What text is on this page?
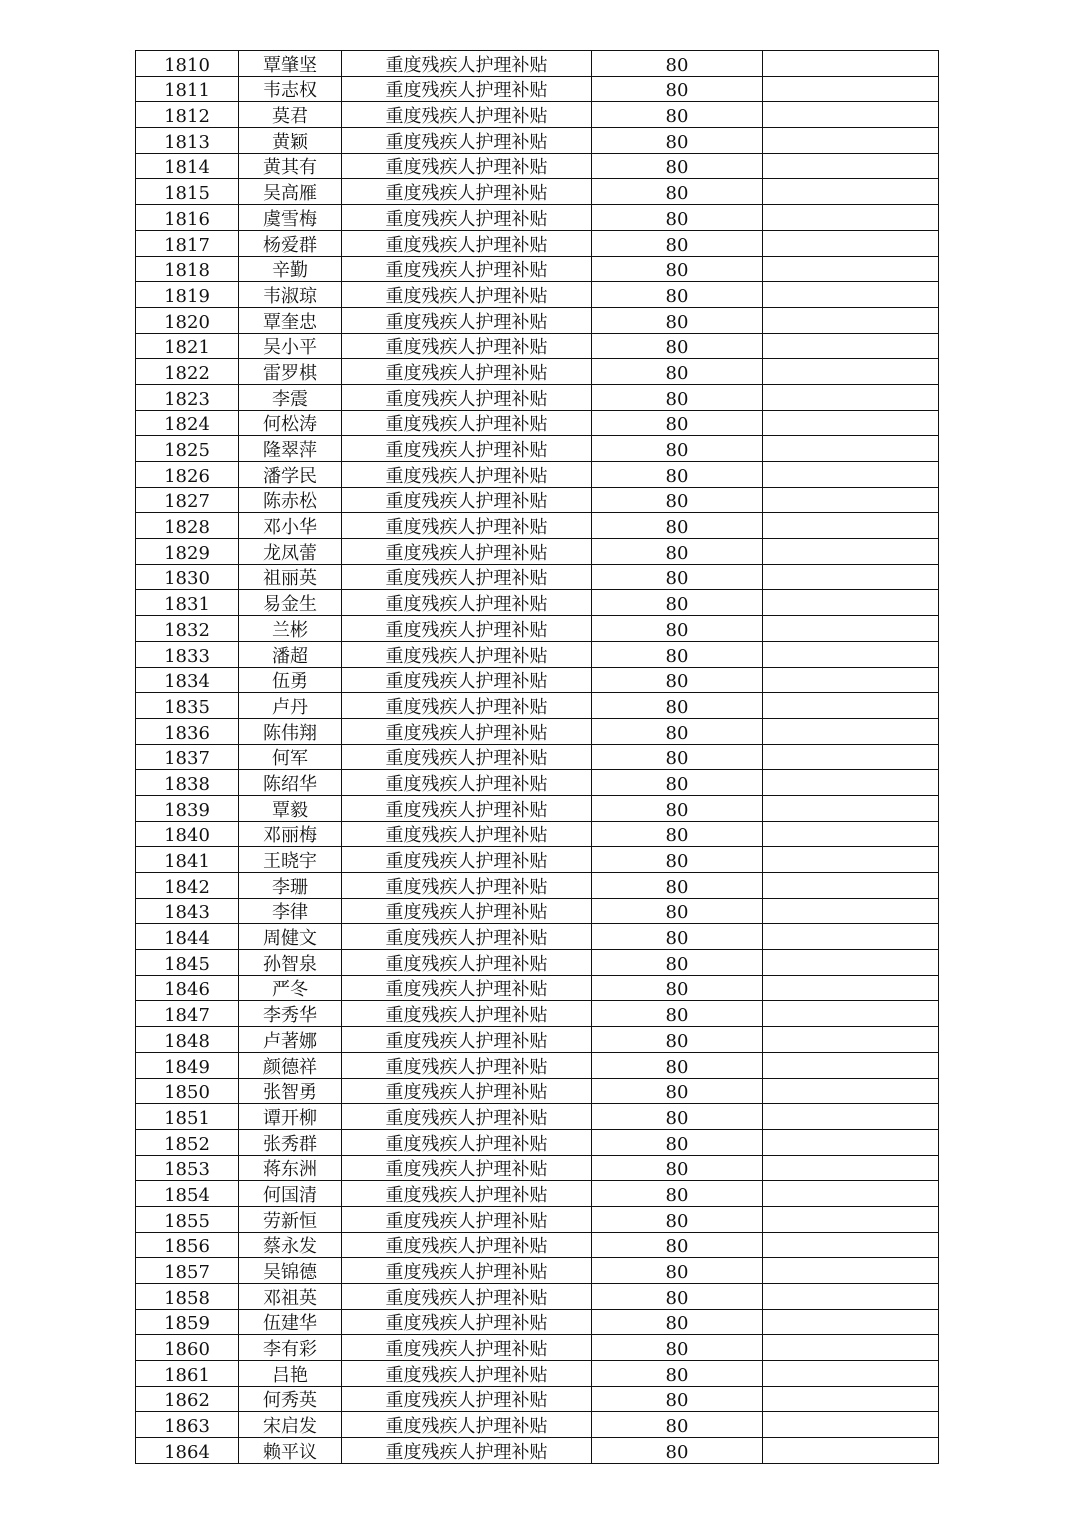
1810	覃肇坚	重度残疾人护理补贴	80	
1811	韦志权	重度残疾人护理补贴	80	
1812	莫君	重度残疾人护理补贴	80	
1813	黄颖	重度残疾人护理补贴	80	
1814	黄其有	重度残疾人护理补贴	80	
1815	吴高雁	重度残疾人护理补贴	80	
1816	虞雪梅	重度残疾人护理补贴	80	
1817	杨爱群	重度残疾人护理补贴	80	
1818	辛勤	重度残疾人护理补贴	80	
1819	韦淑琼	重度残疾人护理补贴	80	
1820	覃奎忠	重度残疾人护理补贴	80	
1821	吴小平	重度残疾人护理补贴	80	
1822	雷罗棋	重度残疾人护理补贴	80	
1823	李震	重度残疾人护理补贴	80	
1824	何松涛	重度残疾人护理补贴	80	
1825	隆翠萍	重度残疾人护理补贴	80	
1826	潘学民	重度残疾人护理补贴	80	
1827	陈赤松	重度残疾人护理补贴	80	
1828	邓小华	重度残疾人护理补贴	80	
1829	龙凤蕾	重度残疾人护理补贴	80	
1830	祖丽英	重度残疾人护理补贴	80	
1831	易金生	重度残疾人护理补贴	80	
1832	兰彬	重度残疾人护理补贴	80	
1833	潘超	重度残疾人护理补贴	80	
1834	伍勇	重度残疾人护理补贴	80	
1835	卢丹	重度残疾人护理补贴	80	
1836	陈伟翔	重度残疾人护理补贴	80	
1837	何军	重度残疾人护理补贴	80	
1838	陈绍华	重度残疾人护理补贴	80	
1839	覃毅	重度残疾人护理补贴	80	
1840	邓丽梅	重度残疾人护理补贴	80	
1841	王晓宇	重度残疾人护理补贴	80	
1842	李珊	重度残疾人护理补贴	80	
1843	李律	重度残疾人护理补贴	80	
1844	周健文	重度残疾人护理补贴	80	
1845	孙智泉	重度残疾人护理补贴	80	
1846	严冬	重度残疾人护理补贴	80	
1847	李秀华	重度残疾人护理补贴	80	
1848	卢著娜	重度残疾人护理补贴	80	
1849	颜德祥	重度残疾人护理补贴	80	
1850	张智勇	重度残疾人护理补贴	80	
1851	谭开柳	重度残疾人护理补贴	80	
1852	张秀群	重度残疾人护理补贴	80	
1853	蒋东洲	重度残疾人护理补贴	80	
1854	何国清	重度残疾人护理补贴	80	
1855	劳新恒	重度残疾人护理补贴	80	
1856	蔡永发	重度残疾人护理补贴	80	
1857	吴锦德	重度残疾人护理补贴	80	
1858	邓祖英	重度残疾人护理补贴	80	
1859	伍建华	重度残疾人护理补贴	80	
1860	李有彩	重度残疾人护理补贴	80	
1861	吕艳	重度残疾人护理补贴	80	
1862	何秀英	重度残疾人护理补贴	80	
1863	宋启发	重度残疾人护理补贴	80	
1864	赖平议	重度残疾人护理补贴	80	
